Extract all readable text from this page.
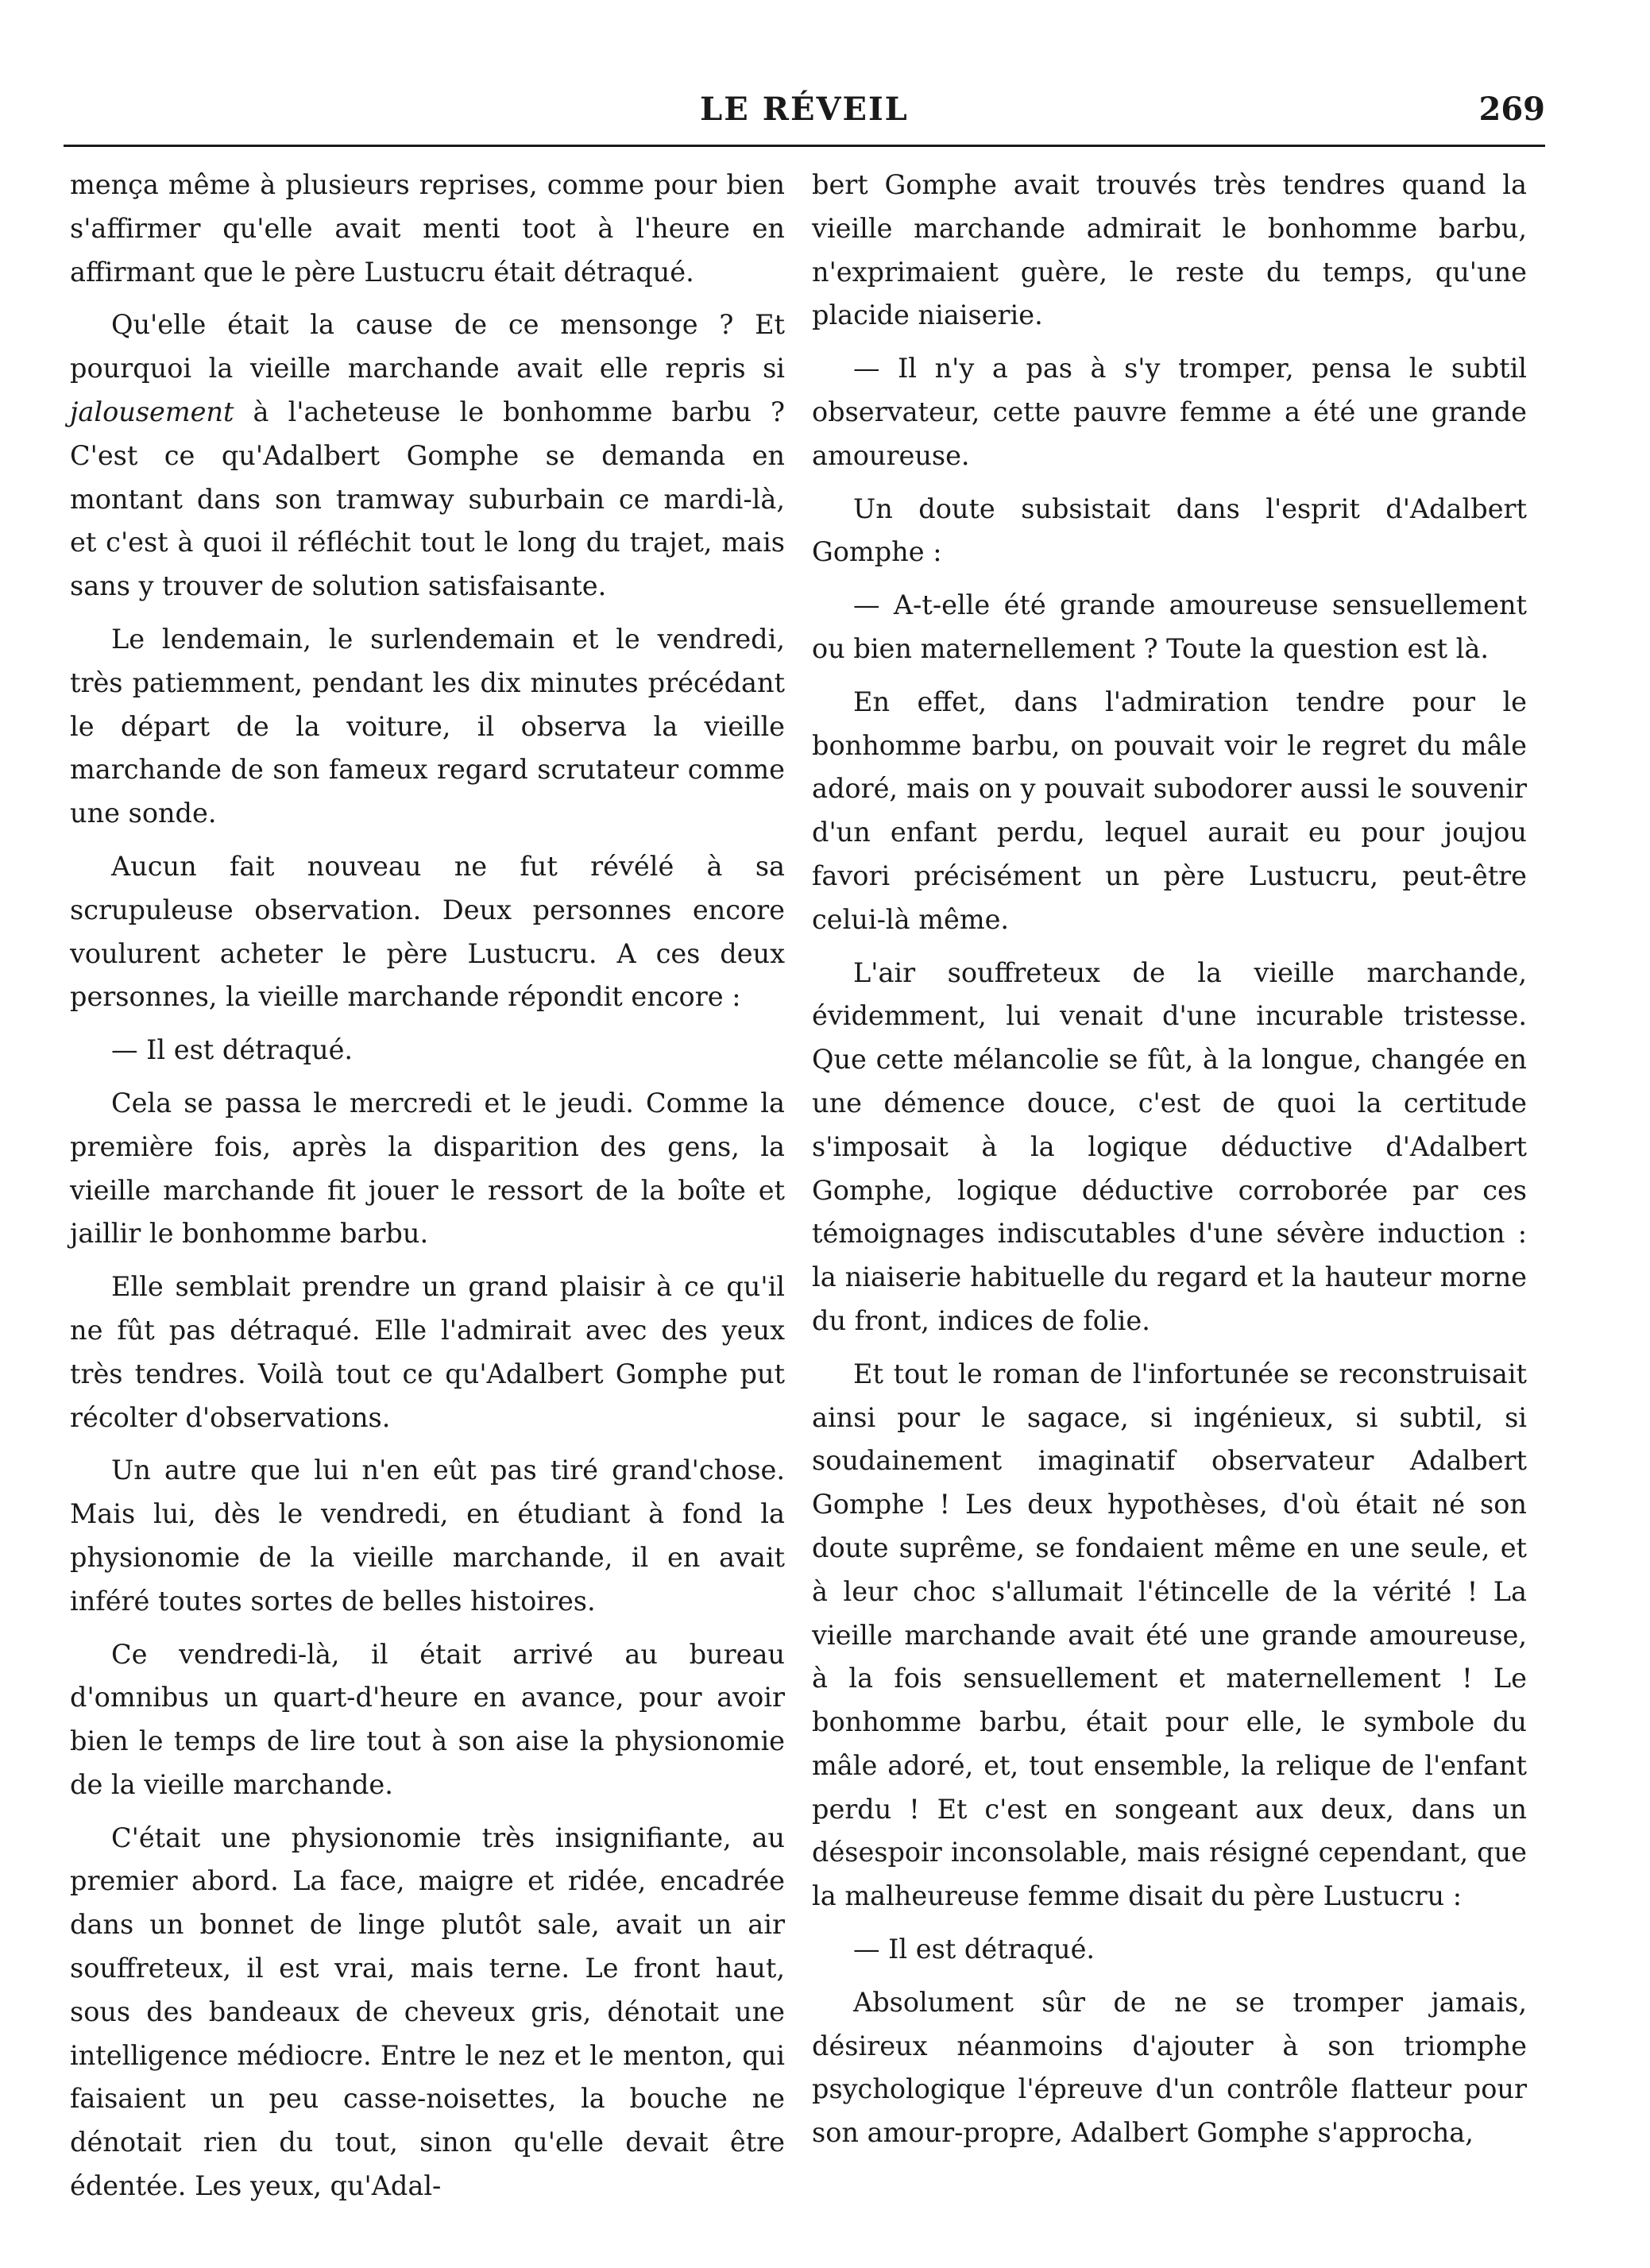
LE RÉVEIL	269

mença même à plusieurs reprises, comme pour bien s'affirmer qu'elle avait menti toot à l'heure en affirmant que le père Lustucru était détraqué.

Qu'elle était la cause de ce mensonge ? Et pourquoi la vieille marchande avait elle repris si jalousement à l'acheteuse le bonhomme barbu ? C'est ce qu'Adalbert Gomphe se demanda en montant dans son tramway suburbain ce mardi-là, et c'est à quoi il réfléchit tout le long du trajet, mais sans y trouver de solution satisfaisante.

Le lendemain, le surlendemain et le vendredi, très patiemment, pendant les dix minutes précédant le départ de la voiture, il observa la vieille marchande de son fameux regard scrutateur comme une sonde.

Aucun fait nouveau ne fut révélé à sa scrupuleuse observation. Deux personnes encore voulurent acheter le père Lustucru. A ces deux personnes, la vieille marchande répondit encore :

— Il est détraqué.

Cela se passa le mercredi et le jeudi. Comme la première fois, après la disparition des gens, la vieille marchande fit jouer le ressort de la boîte et jaillir le bonhomme barbu.

Elle semblait prendre un grand plaisir à ce qu'il ne fût pas détraqué. Elle l'admirait avec des yeux très tendres. Voilà tout ce qu'Adalbert Gomphe put récolter d'observations.

Un autre que lui n'en eût pas tiré grand'chose. Mais lui, dès le vendredi, en étudiant à fond la physionomie de la vieille marchande, il en avait inféré toutes sortes de belles histoires.

Ce vendredi-là, il était arrivé au bureau d'omnibus un quart-d'heure en avance, pour avoir bien le temps de lire tout à son aise la physionomie de la vieille marchande.

C'était une physionomie très insignifiante, au premier abord. La face, maigre et ridée, encadrée dans un bonnet de linge plutôt sale, avait un air souffreteux, il est vrai, mais terne. Le front haut, sous des bandeaux de cheveux gris, dénotait une intelligence médiocre. Entre le nez et le menton, qui faisaient un peu casse-noisettes, la bouche ne dénotait rien du tout, sinon qu'elle devait être édentée. Les yeux, qu'Adal-

bert Gomphe avait trouvés très tendres quand la vieille marchande admirait le bonhomme barbu, n'exprimaient guère, le reste du temps, qu'une placide niaiserie.

— Il n'y a pas à s'y tromper, pensa le subtil observateur, cette pauvre femme a été une grande amoureuse.

Un doute subsistait dans l'esprit d'Adalbert Gomphe :

— A-t-elle été grande amoureuse sensuellement ou bien maternellement ? Toute la question est là.

En effet, dans l'admiration tendre pour le bonhomme barbu, on pouvait voir le regret du mâle adoré, mais on y pouvait subodorer aussi le souvenir d'un enfant perdu, lequel aurait eu pour joujou favori précisément un père Lustucru, peut-être celui-là même.

L'air souffreteux de la vieille marchande, évidemment, lui venait d'une incurable tristesse. Que cette mélancolie se fût, à la longue, changée en une démence douce, c'est de quoi la certitude s'imposait à la logique déductive d'Adalbert Gomphe, logique déductive corroborée par ces témoignages indiscutables d'une sévère induction : la niaiserie habituelle du regard et la hauteur morne du front, indices de folie.

Et tout le roman de l'infortunée se reconstruisait ainsi pour le sagace, si ingénieux, si subtil, si soudainement imaginatif observateur Adalbert Gomphe ! Les deux hypothèses, d'où était né son doute suprême, se fondaient même en une seule, et à leur choc s'allumait l'étincelle de la vérité ! La vieille marchande avait été une grande amoureuse, à la fois sensuellement et maternellement ! Le bonhomme barbu, était pour elle, le symbole du mâle adoré, et, tout ensemble, la relique de l'enfant perdu ! Et c'est en songeant aux deux, dans un désespoir inconsolable, mais résigné cependant, que la malheureuse femme disait du père Lustucru :

— Il est détraqué.

Absolument sûr de ne se tromper jamais, désireux néanmoins d'ajouter à son triomphe psychologique l'épreuve d'un contrôle flatteur pour son amour-propre, Adalbert Gomphe s'approcha,
